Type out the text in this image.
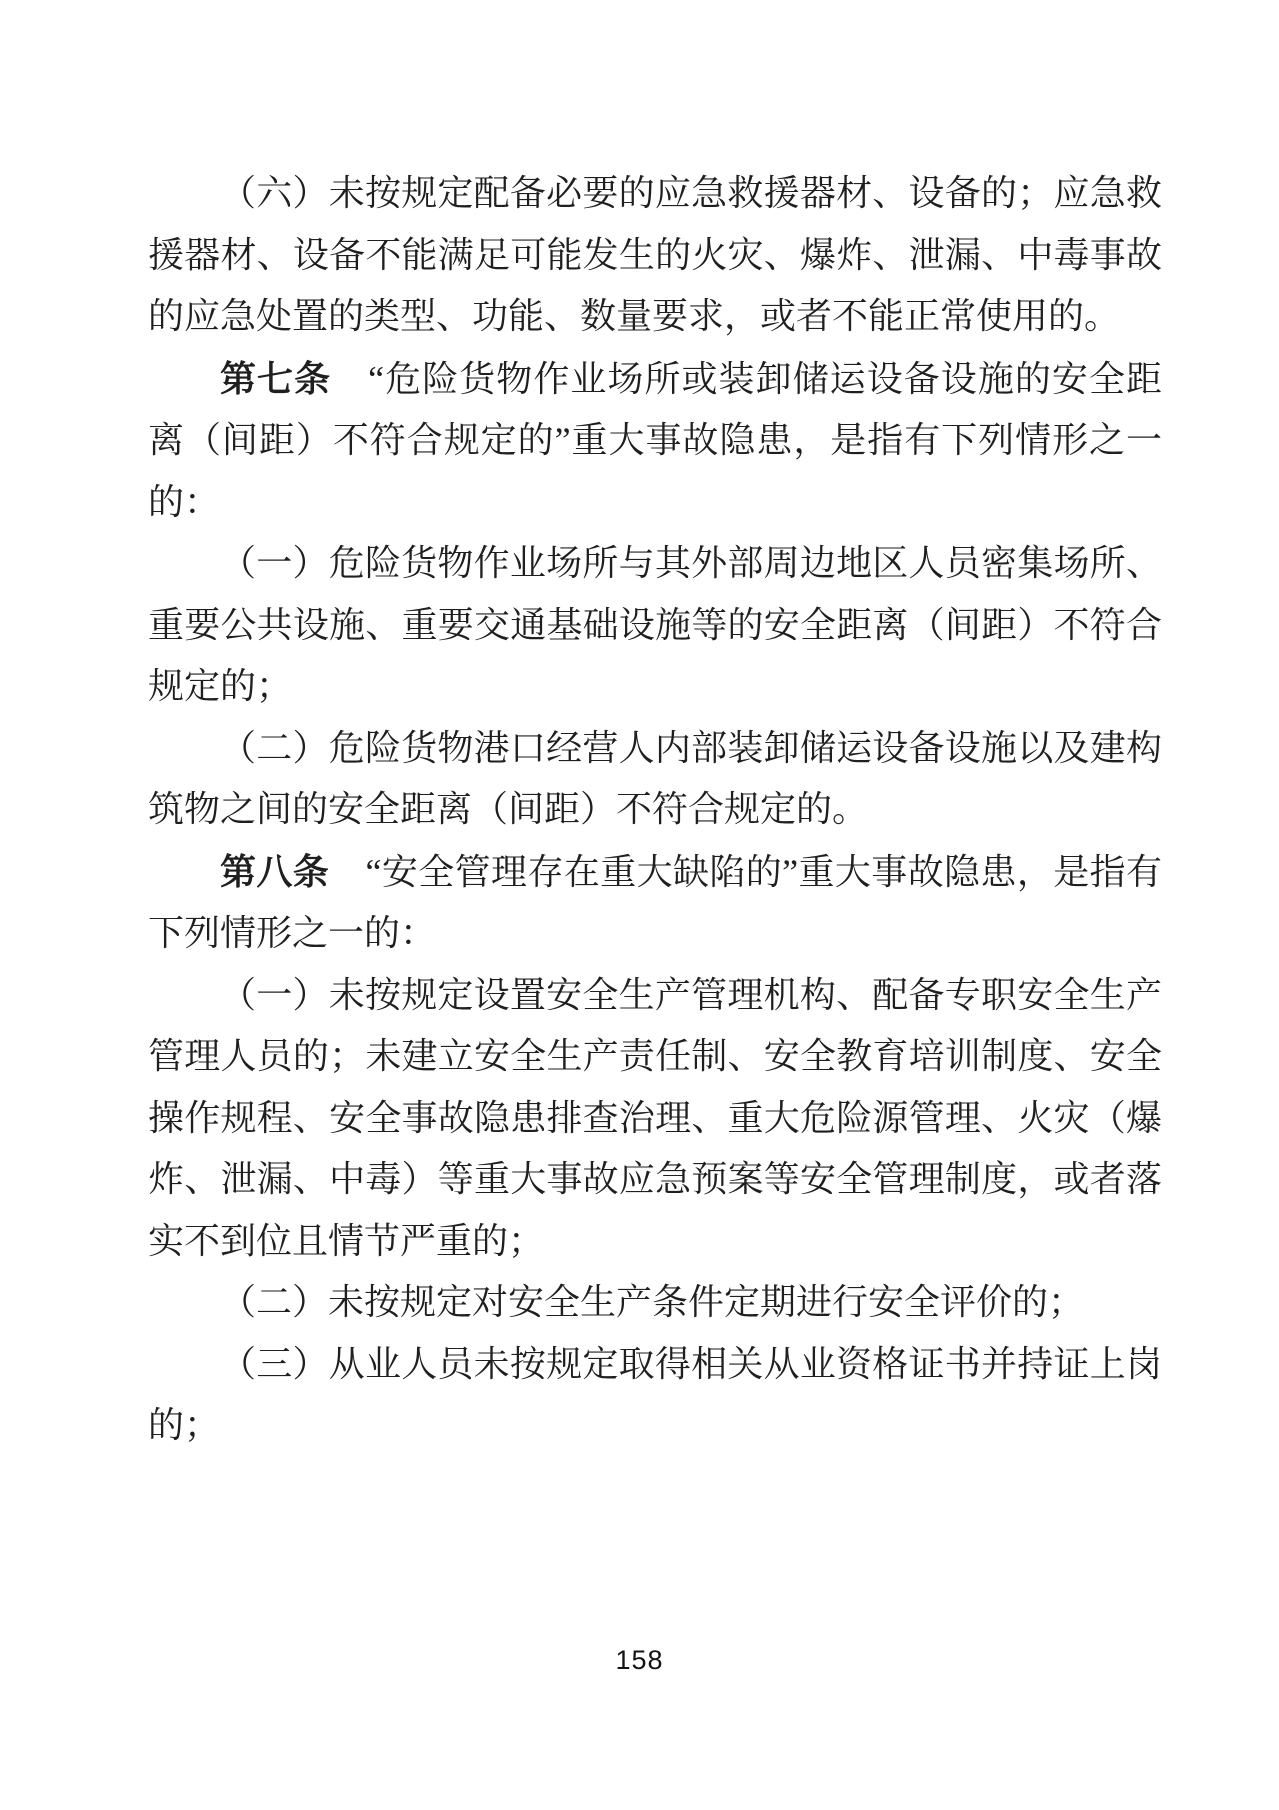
（六）未按规定配备必要的应急救援器材、设备的；应急救援器材、设备不能满足可能发生的火灾、爆炸、泄漏、中毒事故的应急处置的类型、功能、数量要求，或者不能正常使用的。

第七条　“危险货物作业场所或装卸储运设备设施的安全距离（间距）不符合规定的”重大事故隐患，是指有下列情形之一的：

（一）危险货物作业场所与其外部周边地区人员密集场所、重要公共设施、重要交通基础设施等的安全距离（间距）不符合规定的；

（二）危险货物港口经营人内部装卸储运设备设施以及建构筑物之间的安全距离（间距）不符合规定的。

第八条　“安全管理存在重大缺陷的”重大事故隐患，是指有下列情形之一的：

（一）未按规定设置安全生产管理机构、配备专职安全生产管理人员的；未建立安全生产责任制、安全教育培训制度、安全操作规程、安全事故隐患排查治理、重大危险源管理、火灾（爆炸、泄漏、中毒）等重大事故应急预案等安全管理制度，或者落实不到位且情节严重的；

（二）未按规定对安全生产条件定期进行安全评价的；

（三）从业人员未按规定取得相关从业资格证书并持证上岗的；

158
